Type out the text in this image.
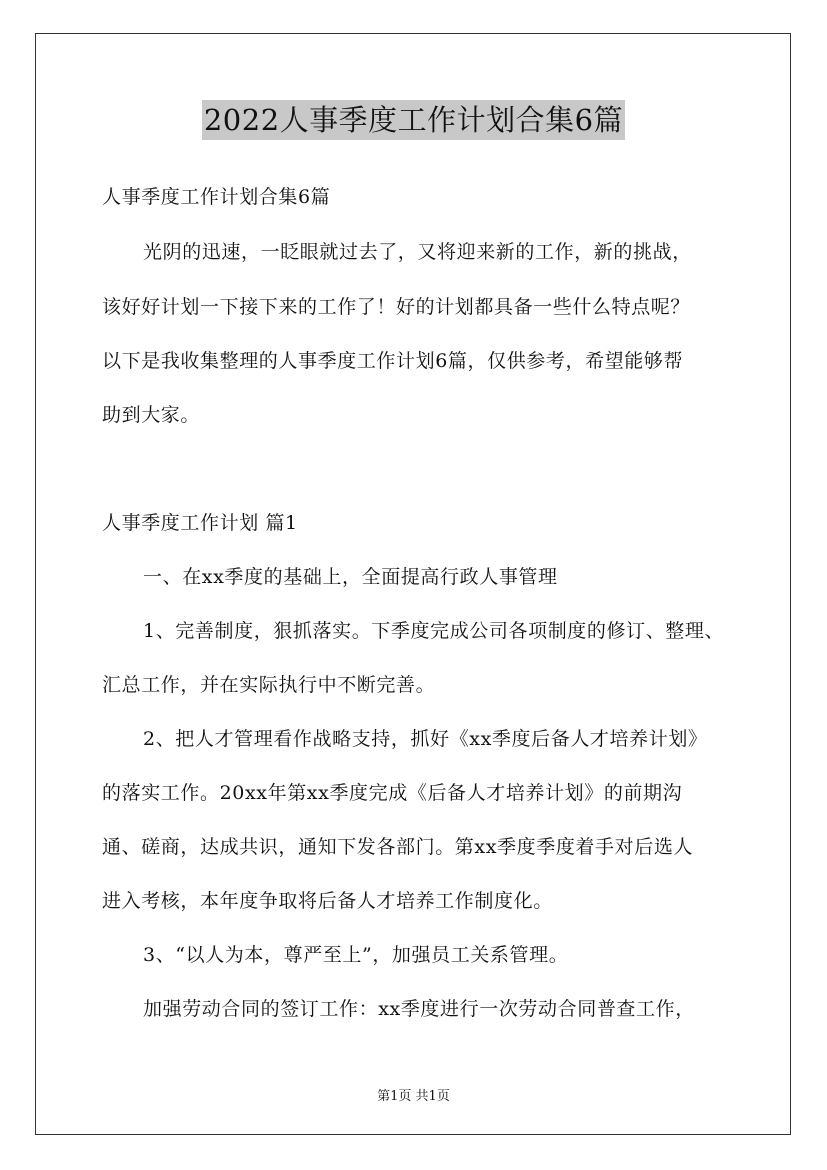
2022人事季度工作计划合集6篇
人事季度工作计划合集6篇
光阴的迅速，一眨眼就过去了，又将迎来新的工作，新的挑战，
该好好计划一下接下来的工作了！好的计划都具备一些什么特点呢？
以下是我收集整理的人事季度工作计划6篇，仅供参考，希望能够帮
助到大家。
人事季度工作计划 篇1
一、在xx季度的基础上，全面提高行政人事管理
1、完善制度，狠抓落实。下季度完成公司各项制度的修订、整理、
汇总工作，并在实际执行中不断完善。
2、把人才管理看作战略支持，抓好《xx季度后备人才培养计划》
的落实工作。20xx年第xx季度完成《后备人才培养计划》的前期沟
通、磋商，达成共识，通知下发各部门。第xx季度季度着手对后选人
进入考核，本年度争取将后备人才培养工作制度化。
3、“以人为本，尊严至上”，加强员工关系管理。
加强劳动合同的签订工作：xx季度进行一次劳动合同普查工作，
第1页 共1页
